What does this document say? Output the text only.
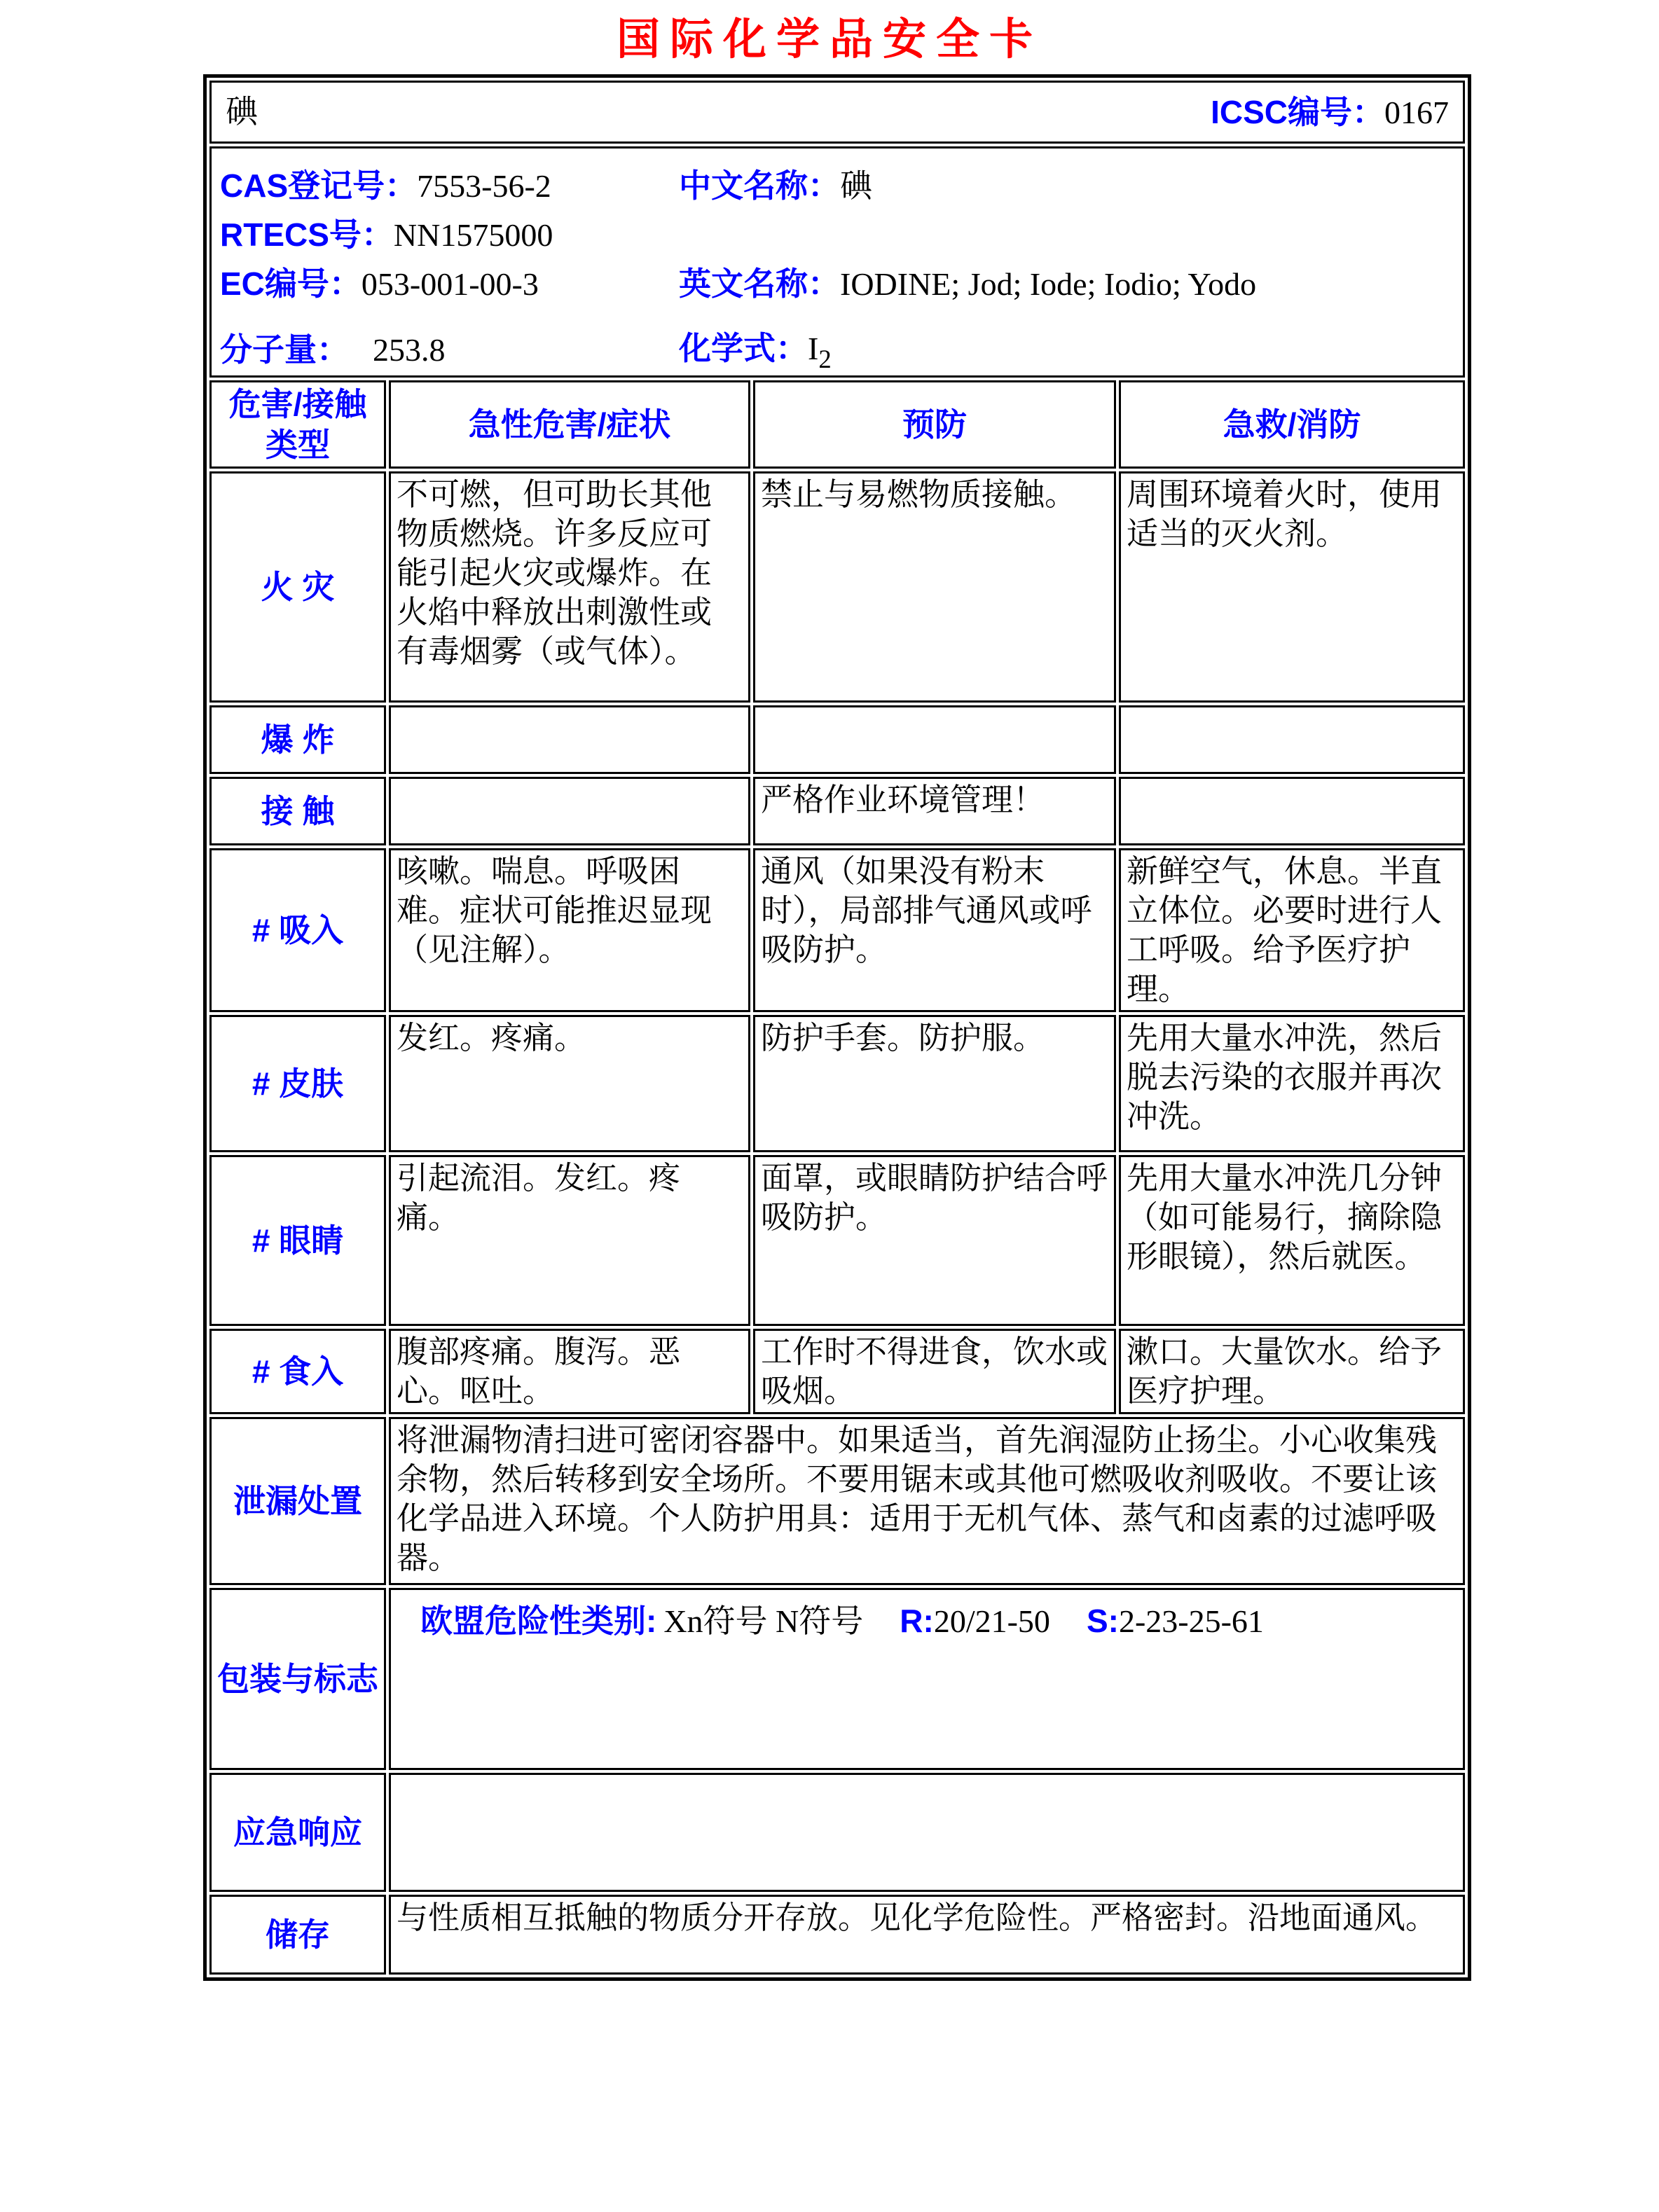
国际化学品安全卡
碘 ICSC编号：0167			

CAS登记号：7553-56-2	中文名称：碘
RTECS号：NN1575000
EC编号：053-001-00-3	英文名称：IODINE; Jod; Iode; Iodio; Yodo
分子量： 253.8	化学式：$I_2$

危害/接触
类型	急性危害/症状	预防	急救/消防
火 灾	不可燃，但可助长其他物质燃烧。许多反应可能引起火灾或爆炸。在火焰中释放出刺激性或有毒烟雾（或气体）。	禁止与易燃物质接触。	周围环境着火时，使用适当的灭火剂。
爆 炸			
接 触		严格作业环境管理！	
# 吸入	咳嗽。喘息。呼吸困难。症状可能推迟显现（见注解）。	通风（如果没有粉末时），局部排气通风或呼吸防护。	新鲜空气，休息。半直立体位。必要时进行人工呼吸。给予医疗护理。
# 皮肤	发红。疼痛。	防护手套。防护服。	先用大量水冲洗，然后脱去污染的衣服并再次冲洗。
# 眼睛	引起流泪。发红。疼痛。	面罩，或眼睛防护结合呼吸防护。	先用大量水冲洗几分钟（如可能易行，摘除隐形眼镜），然后就医。
# 食入	腹部疼痛。腹泻。恶心。呕吐。	工作时不得进食，饮水或吸烟。	漱口。大量饮水。给予医疗护理。
泄漏处置	将泄漏物清扫进可密闭容器中。如果适当，首先润湿防止扬尘。小心收集残余物，然后转移到安全场所。不要用锯末或其他可燃吸收剂吸收。不要让该化学品进入环境。个人防护用具：适用于无机气体、蒸气和卤素的过滤呼吸器。		
包装与标志	欧盟危险性类别: Xn符号 N符号 R:20/21-50 S:2-23-25-61		

应急响应			
储存	与性质相互抵触的物质分开存放。见化学危险性。严格密封。沿地面通风。		
